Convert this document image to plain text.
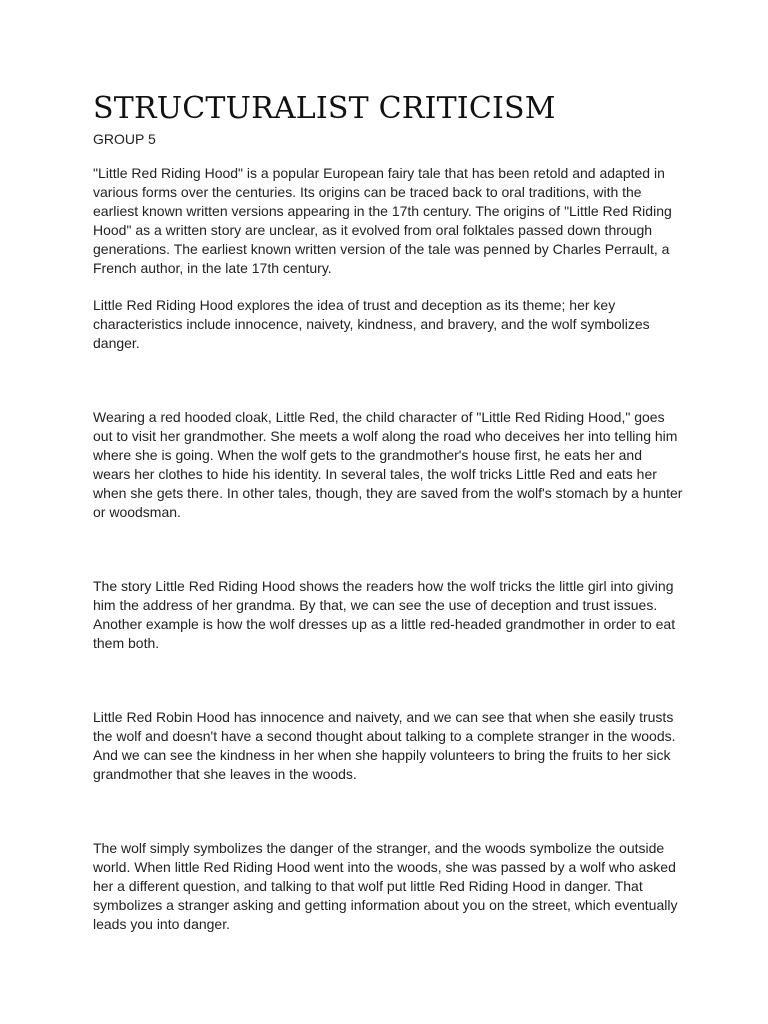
STRUCTURALIST CRITICISM
GROUP 5

"Little Red Riding Hood" is a popular European fairy tale that has been retold and adapted in various forms over the centuries. Its origins can be traced back to oral traditions, with the earliest known written versions appearing in the 17th century. The origins of "Little Red Riding Hood" as a written story are unclear, as it evolved from oral folktales passed down through generations. The earliest known written version of the tale was penned by Charles Perrault, a French author, in the late 17th century.

Little Red Riding Hood explores the idea of trust and deception as its theme; her key characteristics include innocence, naivety, kindness, and bravery, and the wolf symbolizes danger.

Wearing a red hooded cloak, Little Red, the child character of "Little Red Riding Hood," goes out to visit her grandmother. She meets a wolf along the road who deceives her into telling him where she is going. When the wolf gets to the grandmother's house first, he eats her and wears her clothes to hide his identity. In several tales, the wolf tricks Little Red and eats her when she gets there. In other tales, though, they are saved from the wolf's stomach by a hunter or woodsman.

The story Little Red Riding Hood shows the readers how the wolf tricks the little girl into giving him the address of her grandma. By that, we can see the use of deception and trust issues. Another example is how the wolf dresses up as a little red-headed grandmother in order to eat them both.

Little Red Robin Hood has innocence and naivety, and we can see that when she easily trusts the wolf and doesn't have a second thought about talking to a complete stranger in the woods. And we can see the kindness in her when she happily volunteers to bring the fruits to her sick grandmother that she leaves in the woods.

The wolf simply symbolizes the danger of the stranger, and the woods symbolize the outside world. When little Red Riding Hood went into the woods, she was passed by a wolf who asked her a different question, and talking to that wolf put little Red Riding Hood in danger. That symbolizes a stranger asking and getting information about you on the street, which eventually leads you into danger.
